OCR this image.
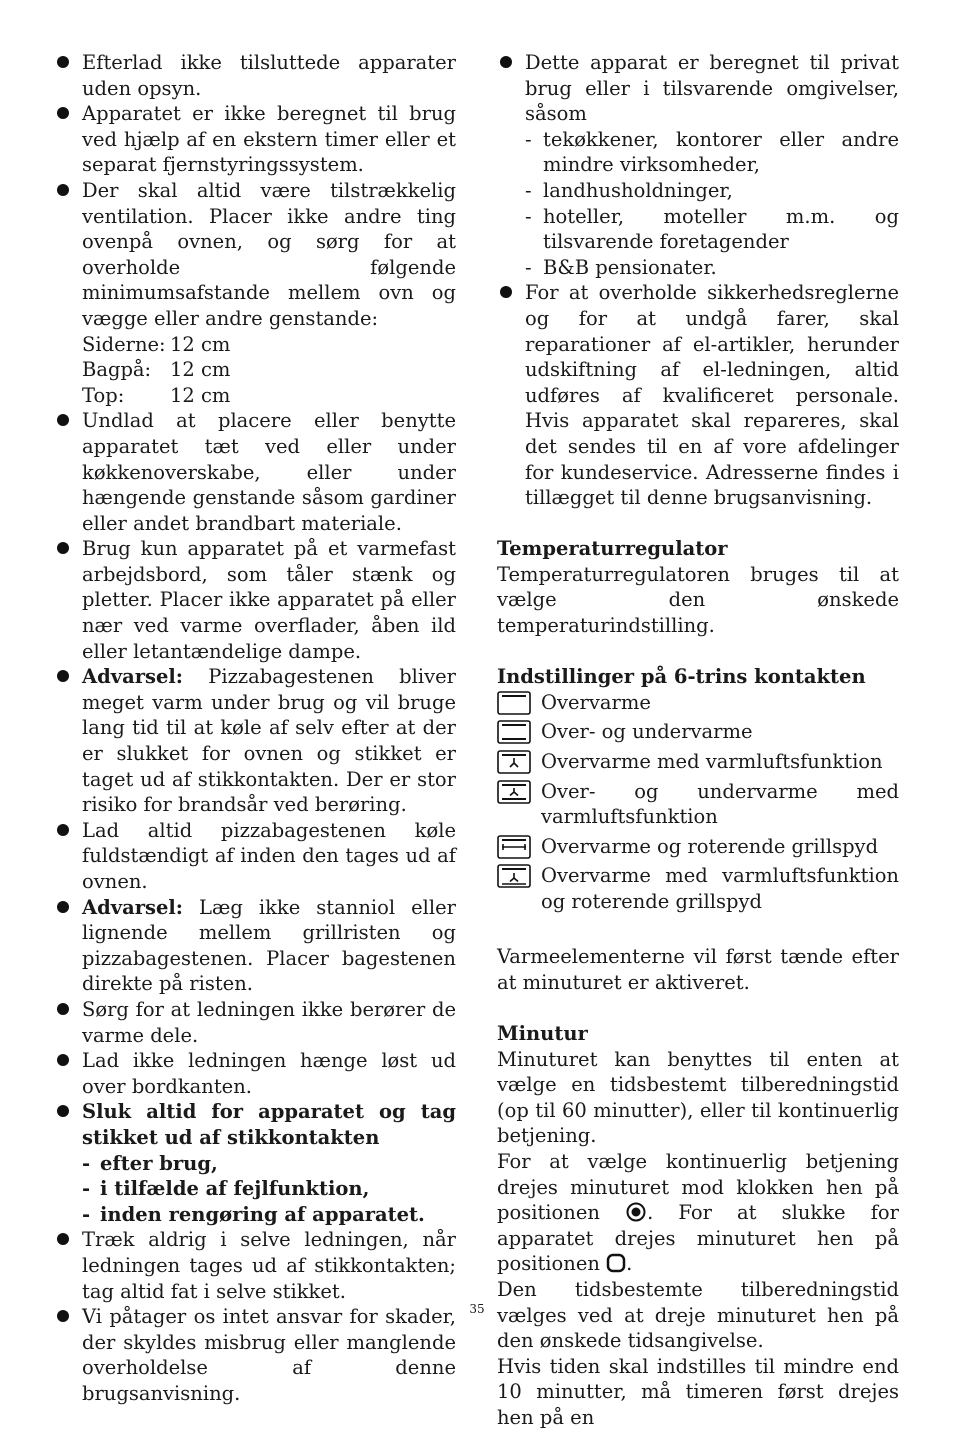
Efterlad ikke tilsluttede apparater uden opsyn.
Apparatet er ikke beregnet til brug ved hjælp af en ekstern timer eller et separat fjernstyringssystem.
Der skal altid være tilstrækkelig ventilation. Placer ikke andre ting ovenpå ovnen, og sørg for at overholde følgende minimumsafstande mellem ovn og vægge eller andre genstande:
Siderne: 12 cm
Bagpå: 12 cm
Top:	12 cm
Undlad at placere eller benytte apparatet tæt ved eller under køkkenoverskabe, eller under hængende genstande såsom gardiner eller andet brandbart materiale.
Brug kun apparatet på et varmefast arbejdsbord, som tåler stænk og pletter. Placer ikke apparatet på eller nær ved varme overflader, åben ild eller letantændelige dampe.
Advarsel: Pizzabagestenen bliver meget varm under brug og vil bruge lang tid til at køle af selv efter at der er slukket for ovnen og stikket er taget ud af stikkontakten. Der er stor risiko for brandsår ved berøring.
Lad altid pizzabagestenen køle fuldstændigt af inden den tages ud af ovnen.
Advarsel: Læg ikke stanniol eller lignende mellem grillristen og pizzabagestenen. Placer bagestenen direkte på risten.
Sørg for at ledningen ikke berører de varme dele.
Lad ikke ledningen hænge løst ud over bordkanten.
Sluk altid for apparatet og tag stikket ud af stikkontakten
- efter brug,
- i tilfælde af fejlfunktion,
- inden rengøring af apparatet.
Træk aldrig i selve ledningen, når ledningen tages ud af stikkontakten; tag altid fat i selve stikket.
Vi påtager os intet ansvar for skader, der skyldes misbrug eller manglende overholdelse af denne brugsanvisning.
Dette apparat er beregnet til privat brug eller i tilsvarende omgivelser, såsom
- tekøkkener, kontorer eller andre mindre virksomheder,
- landhusholdninger,
- hoteller, moteller m.m. og tilsvarende foretagender
- B&B pensionater.
For at overholde sikkerhedsreglerne og for at undgå farer, skal reparationer af el-artikler, herunder udskiftning af el-ledningen, altid udføres af kvalificeret personale. Hvis apparatet skal repareres, skal det sendes til en af vore afdelinger for kundeservice. Adresserne findes i tillægget til denne brugsanvisning.
Temperaturregulator

Temperaturregulatoren bruges til at vælge den ønskede temperaturindstilling.

Indstillinger på 6-trins kontakten
Overvarme
Over- og undervarme
Overvarme med varmluftsfunktion
Over- og undervarme med varmluftsfunktion
Overvarme og roterende grillspyd
Overvarme med varmluftsfunktion og roterende grillspyd

Varmeelementerne vil først tænde efter at minuturet er aktiveret.

Minutur

Minuturet kan benyttes til enten at vælge en tidsbestemt tilberedningstid (op til 60 minutter), eller til kontinuerlig betjening.

For at vælge kontinuerlig betjening drejes minuturet mod klokken hen på positionen . For at slukke for apparatet drejes minuturet hen på positionen .

Den tidsbestemte tilberedningstid vælges ved at dreje minuturet hen på den ønskede tidsangivelse.

Hvis tiden skal indstilles til mindre end 10 minutter, må timeren først drejes hen på en

35
